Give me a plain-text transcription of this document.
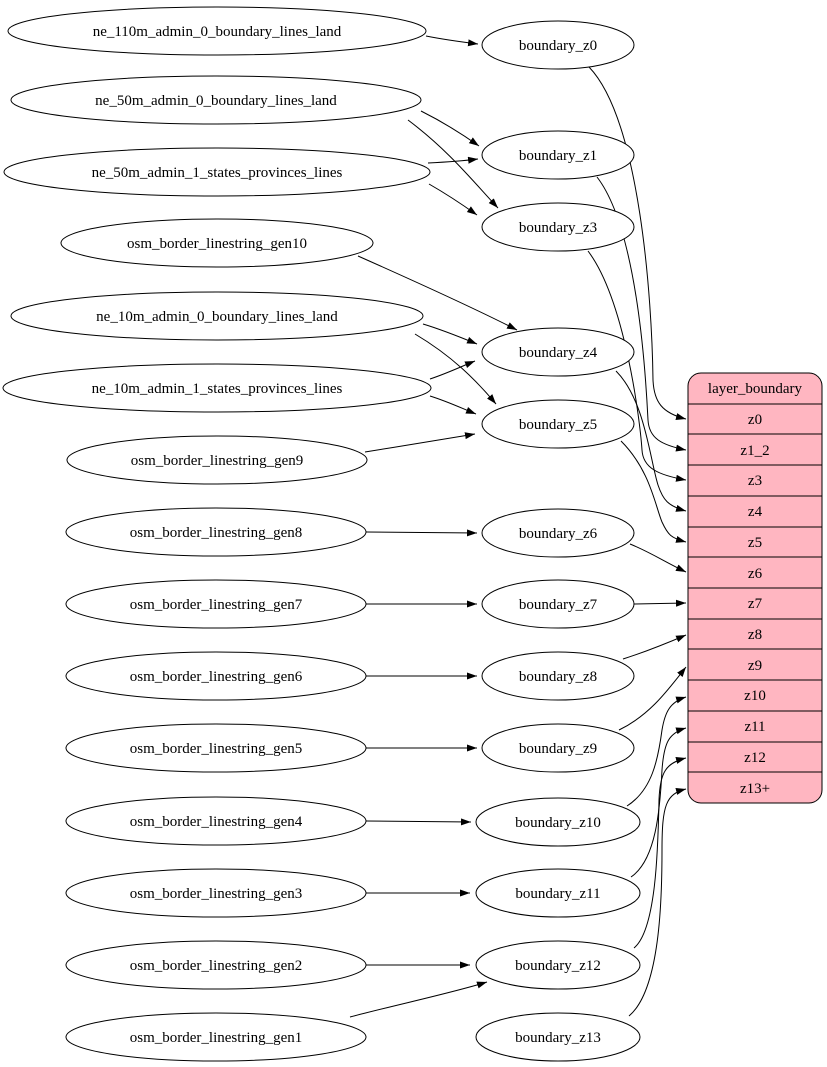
ne_110m_admin_0_boundary_lines_land
ne_50m_admin_0_boundary_lines_land
ne_50m_admin_1_states_provinces_lines
osm_border_linestring_gen10
ne_10m_admin_0_boundary_lines_land
ne_10m_admin_1_states_provinces_lines
osm_border_linestring_gen9
osm_border_linestring_gen8
osm_border_linestring_gen7
osm_border_linestring_gen6
osm_border_linestring_gen5
osm_border_linestring_gen4
osm_border_linestring_gen3
osm_border_linestring_gen2
osm_border_linestring_gen1
boundary_z0
boundary_z1
boundary_z3
boundary_z4
boundary_z5
boundary_z6
boundary_z7
boundary_z8
boundary_z9
boundary_z10
boundary_z11
boundary_z12
boundary_z13
layer_boundary
z0
z1_2
z3
z4
z5
z6
z7
z8
z9
z10
z11
z12
z13+
